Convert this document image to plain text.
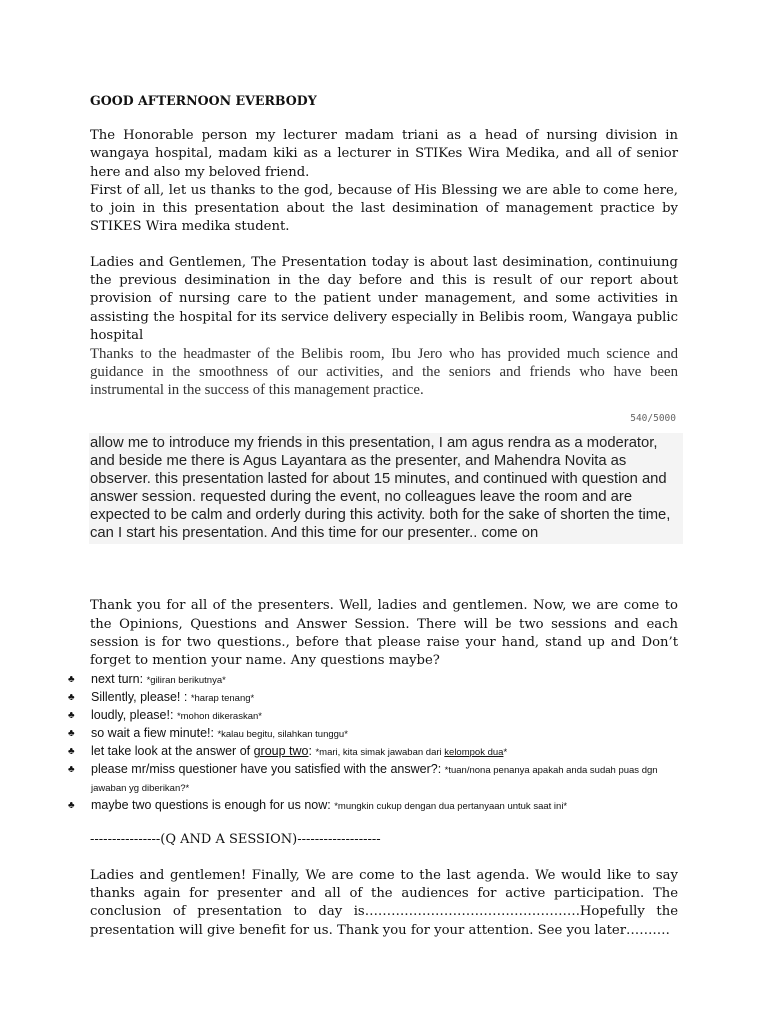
GOOD AFTERNOON EVERBODY

The Honorable person my lecturer madam triani as a head of nursing division in wangaya hospital, madam kiki as a lecturer in STIKes Wira Medika, and all of senior here and also my beloved friend.

First of all, let us thanks to the god, because of His Blessing we are able to come here, to join in this presentation about the last desimination of management practice by STIKES Wira medika student.

Ladies and Gentlemen, The Presentation today is about last desimination, continuiung the previous desimination in the day before and this is result of our report about provision of nursing care to the patient under management, and some activities in assisting the hospital for its service delivery especially in Belibis room, Wangaya public hospital

Thanks to the headmaster of the Belibis room, Ibu Jero who has provided much science and guidance in the smoothness of our activities, and the seniors and friends who have been instrumental in the success of this management practice.

540/5000
allow me to introduce my friends in this presentation, I am agus rendra as a moderator, and beside me there is Agus Layantara as the presenter, and Mahendra Novita as observer. this presentation lasted for about 15 minutes, and continued with question and answer session. requested during the event, no colleagues leave the room and are expected to be calm and orderly during this activity. both for the sake of shorten the time, can I start his presentation. And this time for our presenter.. come on

Thank you for all of the presenters. Well, ladies and gentlemen. Now, we are come to the Opinions, Questions and Answer Session. There will be two sessions and each session is for two questions., before that please raise your hand, stand up and Don’t forget to mention your name. Any questions maybe?

♣ next turn: *giliran berikutnya*
♣ Sillently, please! : *harap tenang*
♣ loudly, please!: *mohon dikeraskan*
♣ so wait a fiew minute!: *kalau begitu, silahkan tunggu*
♣ let take look at the answer of group two: *mari, kita simak jawaban dari kelompok dua*
♣ please mr/miss questioner have you satisfied with the answer?: *tuan/nona penanya apakah anda sudah puas dgn jawaban yg diberikan?*
♣ maybe two questions is enough for us now: *mungkin cukup dengan dua pertanyaan untuk saat ini*

----------------(Q AND A SESSION)-------------------

Ladies and gentlemen! Finally, We are come to the last agenda. We would like to say thanks again for presenter and all of the audiences for active participation. The conclusion of presentation to day is………………………………………….Hopefully the presentation will give benefit for us. Thank you for your attention. See you later……….
